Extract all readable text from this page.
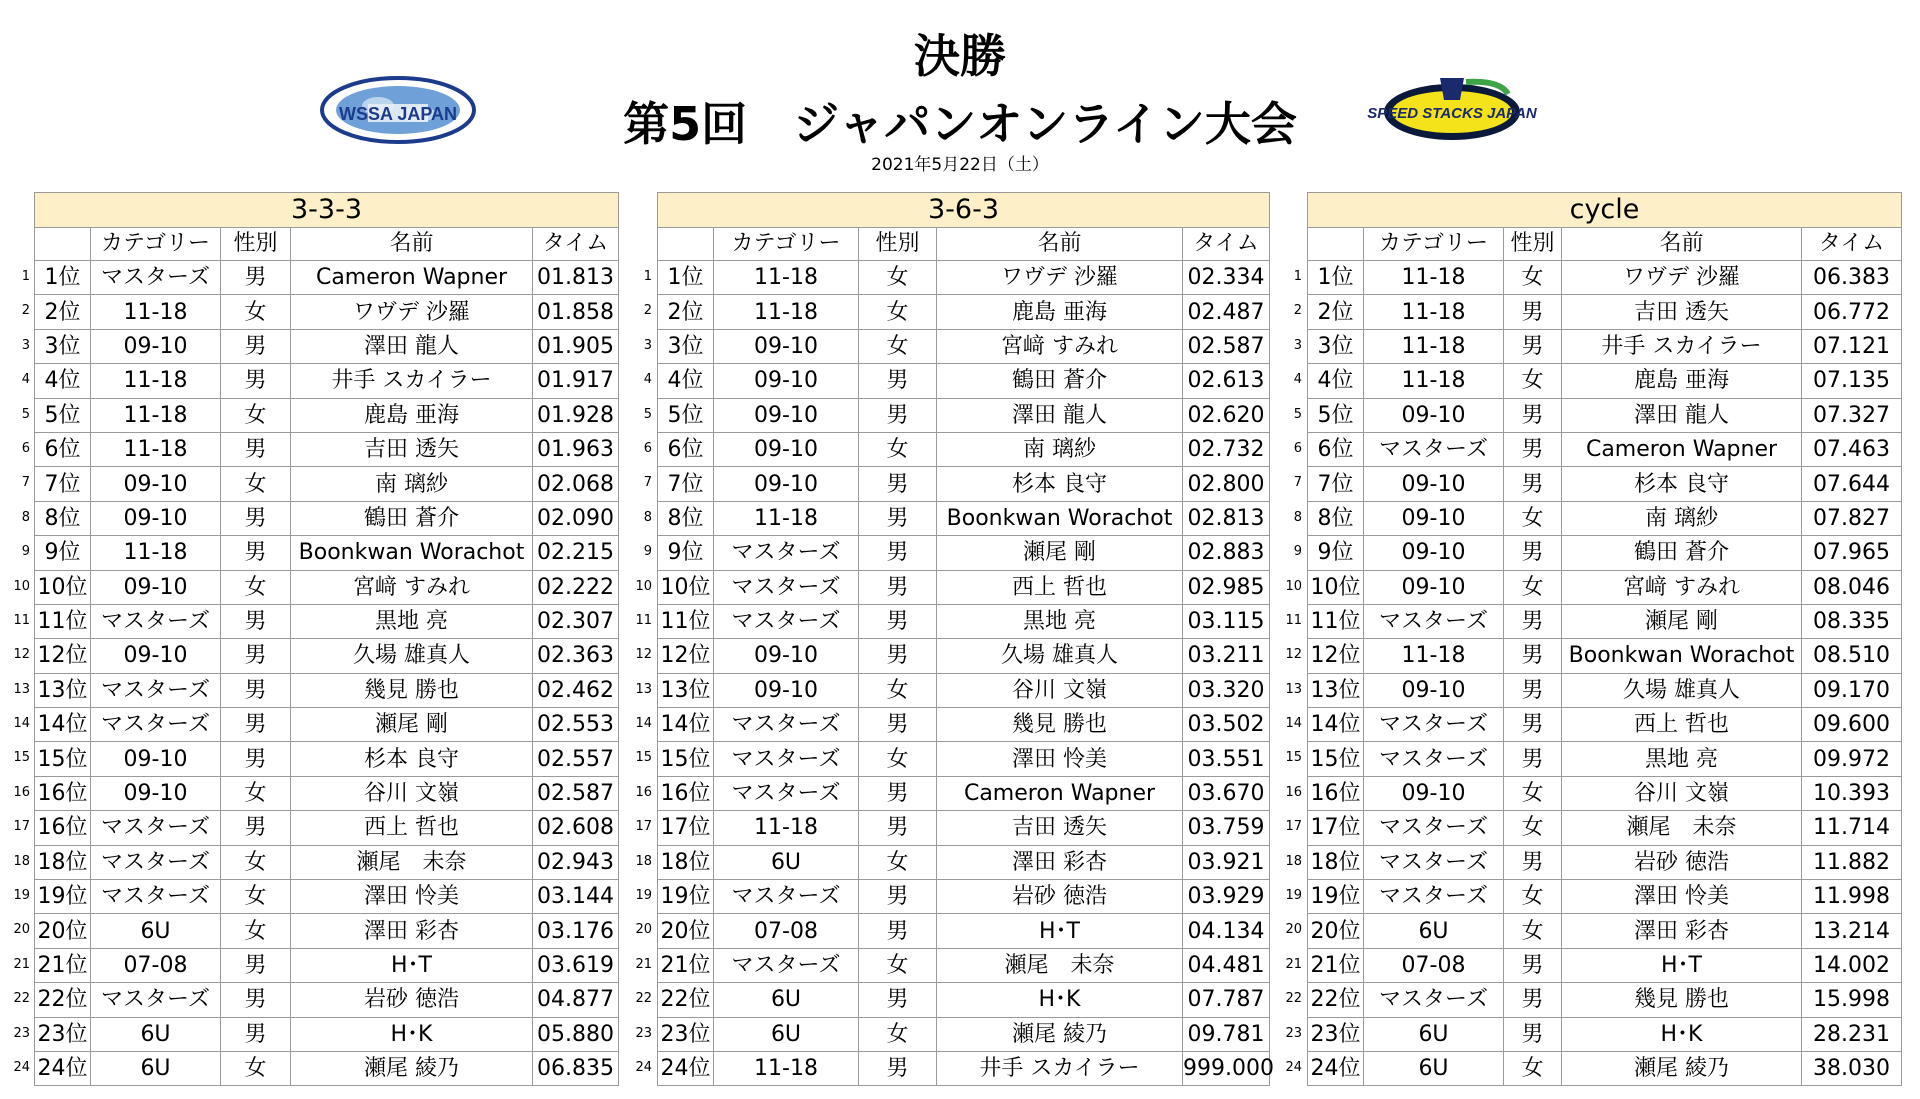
決勝
第5回　ジャパンオンライン大会
2021年5月22日（土）
WSSA JAPAN	SPEED STACKS JAPAN
1
2
3
4
5
6
7
8
9
10
11
12
13
14
15
16
17
18
19
20
21
22
23
24
3-3-3				
	カテゴリー	性別	名前	タイム
1位	マスターズ	男	Cameron Wapner	01.813
2位	11-18	女	ワヴデ 沙羅	01.858
3位	09-10	男	澤田 龍人	01.905
4位	11-18	男	井手 スカイラー	01.917
5位	11-18	女	鹿島 亜海	01.928
6位	11-18	男	吉田 透矢	01.963
7位	09-10	女	南 璃紗	02.068
8位	09-10	男	鶴田 蒼介	02.090
9位	11-18	男	Boonkwan Worachot	02.215
10位	09-10	女	宮﨑 すみれ	02.222
11位	マスターズ	男	黒地 亮	02.307
12位	09-10	男	久場 雄真人	02.363
13位	マスターズ	男	幾見 勝也	02.462
14位	マスターズ	男	瀬尾 剛	02.553
15位	09-10	男	杉本 良守	02.557
16位	09-10	女	谷川 文嶺	02.587
16位	マスターズ	男	西上 哲也	02.608
18位	マスターズ	女	瀬尾　未奈	02.943
19位	マスターズ	女	澤田 怜美	03.144
20位	6U	女	澤田 彩杏	03.176
21位	07-08	男	H･T	03.619
22位	マスターズ	男	岩砂 徳浩	04.877
23位	6U	男	H･K	05.880
24位	6U	女	瀬尾 綾乃	06.835
1
2
3
4
5
6
7
8
9
10
11
12
13
14
15
16
17
18
19
20
21
22
23
24
3-6-3				
	カテゴリー	性別	名前	タイム
1位	11-18	女	ワヴデ 沙羅	02.334
2位	11-18	女	鹿島 亜海	02.487
3位	09-10	女	宮﨑 すみれ	02.587
4位	09-10	男	鶴田 蒼介	02.613
5位	09-10	男	澤田 龍人	02.620
6位	09-10	女	南 璃紗	02.732
7位	09-10	男	杉本 良守	02.800
8位	11-18	男	Boonkwan Worachot	02.813
9位	マスターズ	男	瀬尾 剛	02.883
10位	マスターズ	男	西上 哲也	02.985
11位	マスターズ	男	黒地 亮	03.115
12位	09-10	男	久場 雄真人	03.211
13位	09-10	女	谷川 文嶺	03.320
14位	マスターズ	男	幾見 勝也	03.502
15位	マスターズ	女	澤田 怜美	03.551
16位	マスターズ	男	Cameron Wapner	03.670
17位	11-18	男	吉田 透矢	03.759
18位	6U	女	澤田 彩杏	03.921
19位	マスターズ	男	岩砂 徳浩	03.929
20位	07-08	男	H･T	04.134
21位	マスターズ	女	瀬尾　未奈	04.481
22位	6U	男	H･K	07.787
23位	6U	女	瀬尾 綾乃	09.781
24位	11-18	男	井手 スカイラー	999.000
1
2
3
4
5
6
7
8
9
10
11
12
13
14
15
16
17
18
19
20
21
22
23
24
cycle				
	カテゴリー	性別	名前	タイム
1位	11-18	女	ワヴデ 沙羅	06.383
2位	11-18	男	吉田 透矢	06.772
3位	11-18	男	井手 スカイラー	07.121
4位	11-18	女	鹿島 亜海	07.135
5位	09-10	男	澤田 龍人	07.327
6位	マスターズ	男	Cameron Wapner	07.463
7位	09-10	男	杉本 良守	07.644
8位	09-10	女	南 璃紗	07.827
9位	09-10	男	鶴田 蒼介	07.965
10位	09-10	女	宮﨑 すみれ	08.046
11位	マスターズ	男	瀬尾 剛	08.335
12位	11-18	男	Boonkwan Worachot	08.510
13位	09-10	男	久場 雄真人	09.170
14位	マスターズ	男	西上 哲也	09.600
15位	マスターズ	男	黒地 亮	09.972
16位	09-10	女	谷川 文嶺	10.393
17位	マスターズ	女	瀬尾　未奈	11.714
18位	マスターズ	男	岩砂 徳浩	11.882
19位	マスターズ	女	澤田 怜美	11.998
20位	6U	女	澤田 彩杏	13.214
21位	07-08	男	H･T	14.002
22位	マスターズ	男	幾見 勝也	15.998
23位	6U	男	H･K	28.231
24位	6U	女	瀬尾 綾乃	38.030
